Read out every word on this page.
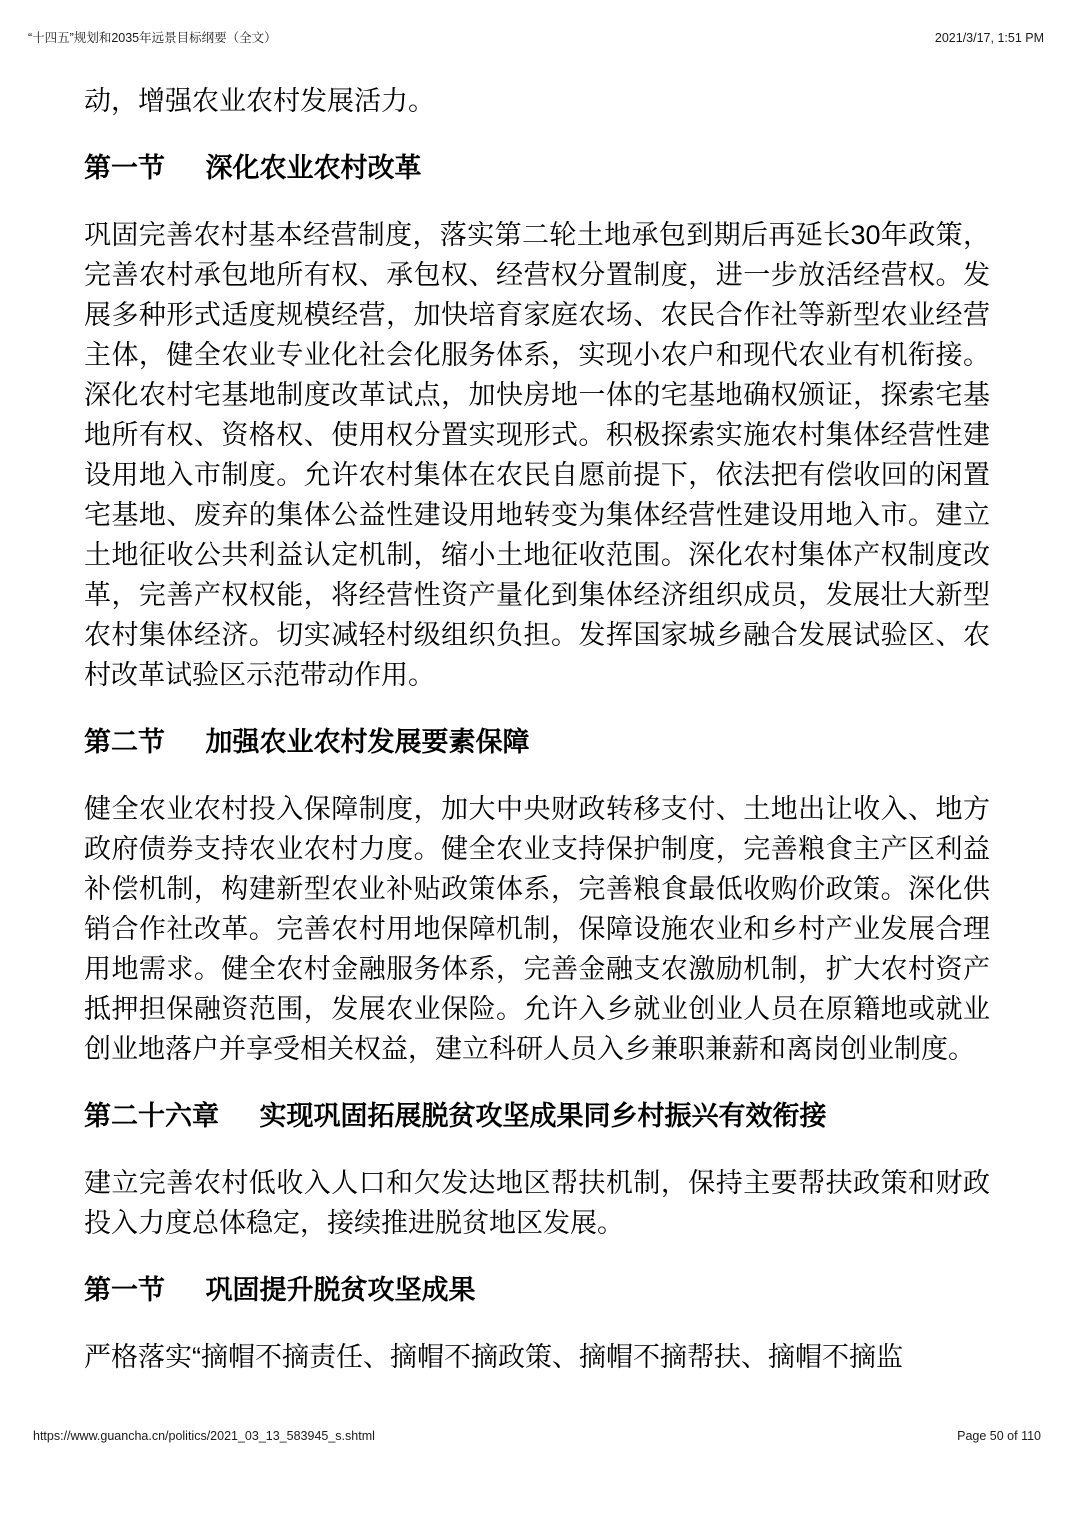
“十四五”规划和2035年远景目标纲要（全文）	2021/3/17, 1:51 PM

动，增强农业农村发展活力。

第一节 深化农业农村改革

巩固完善农村基本经营制度，落实第二轮土地承包到期后再延长30年政策，
完善农村承包地所有权、承包权、经营权分置制度，进一步放活经营权。发
展多种形式适度规模经营，加快培育家庭农场、农民合作社等新型农业经营
主体，健全农业专业化社会化服务体系，实现小农户和现代农业有机衔接。
深化农村宅基地制度改革试点，加快房地一体的宅基地确权颁证，探索宅基
地所有权、资格权、使用权分置实现形式。积极探索实施农村集体经营性建
设用地入市制度。允许农村集体在农民自愿前提下，依法把有偿收回的闲置
宅基地、废弃的集体公益性建设用地转变为集体经营性建设用地入市。建立
土地征收公共利益认定机制，缩小土地征收范围。深化农村集体产权制度改
革，完善产权权能，将经营性资产量化到集体经济组织成员，发展壮大新型
农村集体经济。切实减轻村级组织负担。发挥国家城乡融合发展试验区、农
村改革试验区示范带动作用。

第二节 加强农业农村发展要素保障

健全农业农村投入保障制度，加大中央财政转移支付、土地出让收入、地方
政府债券支持农业农村力度。健全农业支持保护制度，完善粮食主产区利益
补偿机制，构建新型农业补贴政策体系，完善粮食最低收购价政策。深化供
销合作社改革。完善农村用地保障机制，保障设施农业和乡村产业发展合理
用地需求。健全农村金融服务体系，完善金融支农激励机制，扩大农村资产
抵押担保融资范围，发展农业保险。允许入乡就业创业人员在原籍地或就业
创业地落户并享受相关权益，建立科研人员入乡兼职兼薪和离岗创业制度。

第二十六章 实现巩固拓展脱贫攻坚成果同乡村振兴有效衔接

建立完善农村低收入人口和欠发达地区帮扶机制，保持主要帮扶政策和财政
投入力度总体稳定，接续推进脱贫地区发展。

第一节 巩固提升脱贫攻坚成果

严格落实“摘帽不摘责任、摘帽不摘政策、摘帽不摘帮扶、摘帽不摘监

https://www.guancha.cn/politics/2021_03_13_583945_s.shtml	Page 50 of 110
